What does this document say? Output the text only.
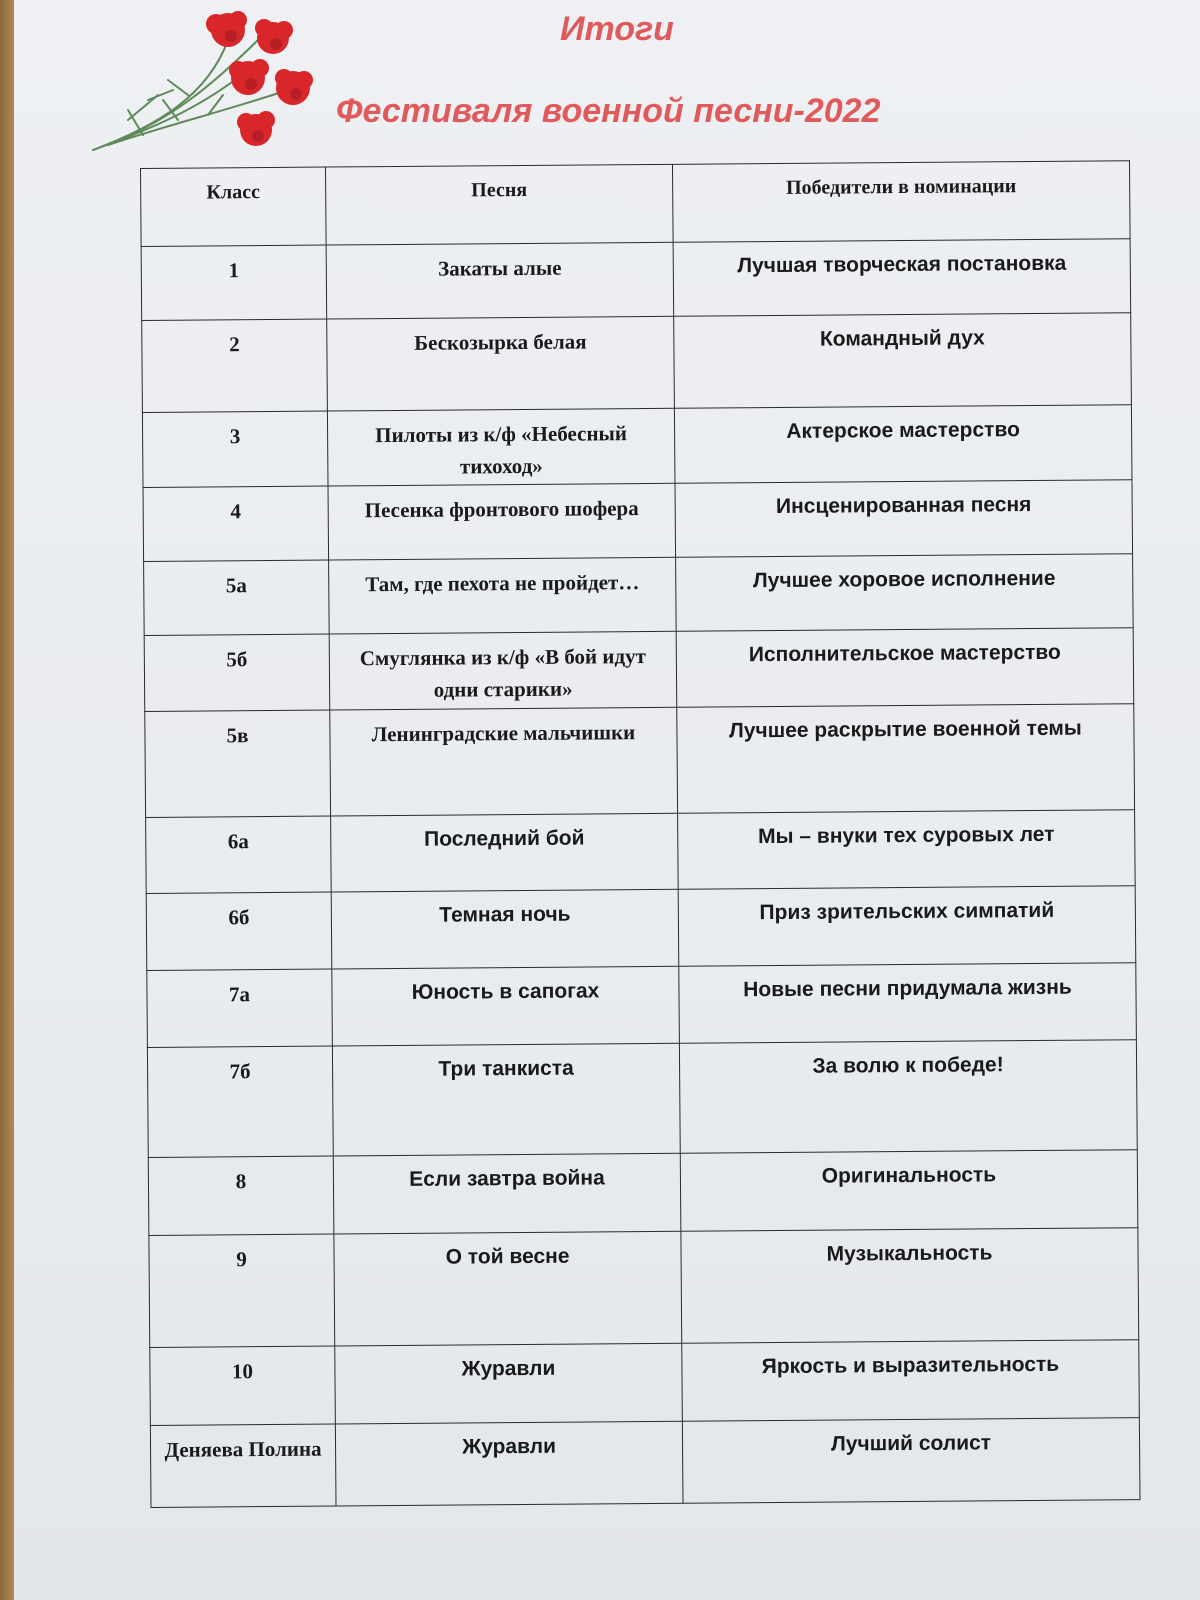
Итоги
Фестиваля военной песни-2022
Класс	Песня	Победители в номинации
1	Закаты алые	Лучшая творческая постановка
2	Бескозырка белая	Командный дух
3	Пилоты из к/ф «Небесный тихоход»	Актерское мастерство
4	Песенка фронтового шофера	Инсценированная песня
5а	Там, где пехота не пройдет…	Лучшее хоровое исполнение
5б	Смуглянка из к/ф «В бой идут одни старики»	Исполнительское мастерство
5в	Ленинградские мальчишки	Лучшее раскрытие военной темы
6а	Последний бой	Мы – внуки тех суровых лет
6б	Темная ночь	Приз зрительских симпатий
7а	Юность в сапогах	Новые песни придумала жизнь
7б	Три танкиста	За волю к победе!
8	Если завтра война	Оригинальность
9	О той весне	Музыкальность
10	Журавли	Яркость и выразительность
Деняева Полина	Журавли	Лучший солист
